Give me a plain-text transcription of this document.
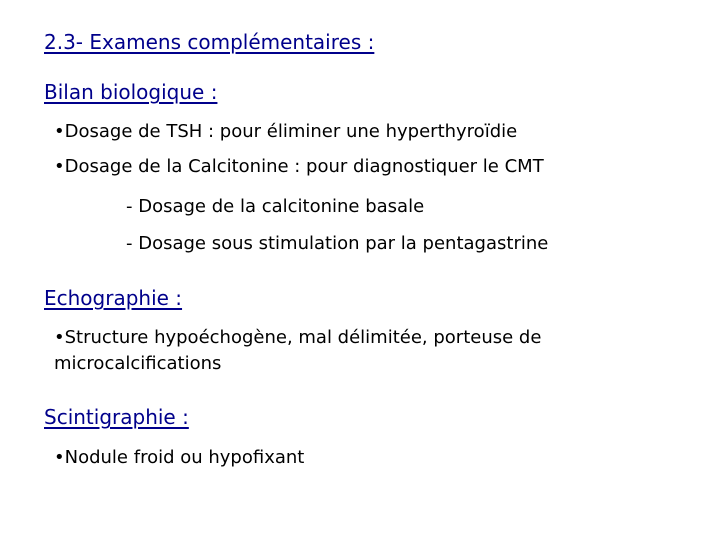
2.3- Examens complémentaires :
Bilan biologique :
•Dosage de TSH : pour éliminer une hyperthyroïdie
•Dosage de la Calcitonine : pour diagnostiquer le CMT
- Dosage de la calcitonine basale
- Dosage sous stimulation par la pentagastrine
Echographie :
•Structure hypoéchogène, mal délimitée, porteuse de
microcalcifications
Scintigraphie :
•Nodule froid ou hypofixant
